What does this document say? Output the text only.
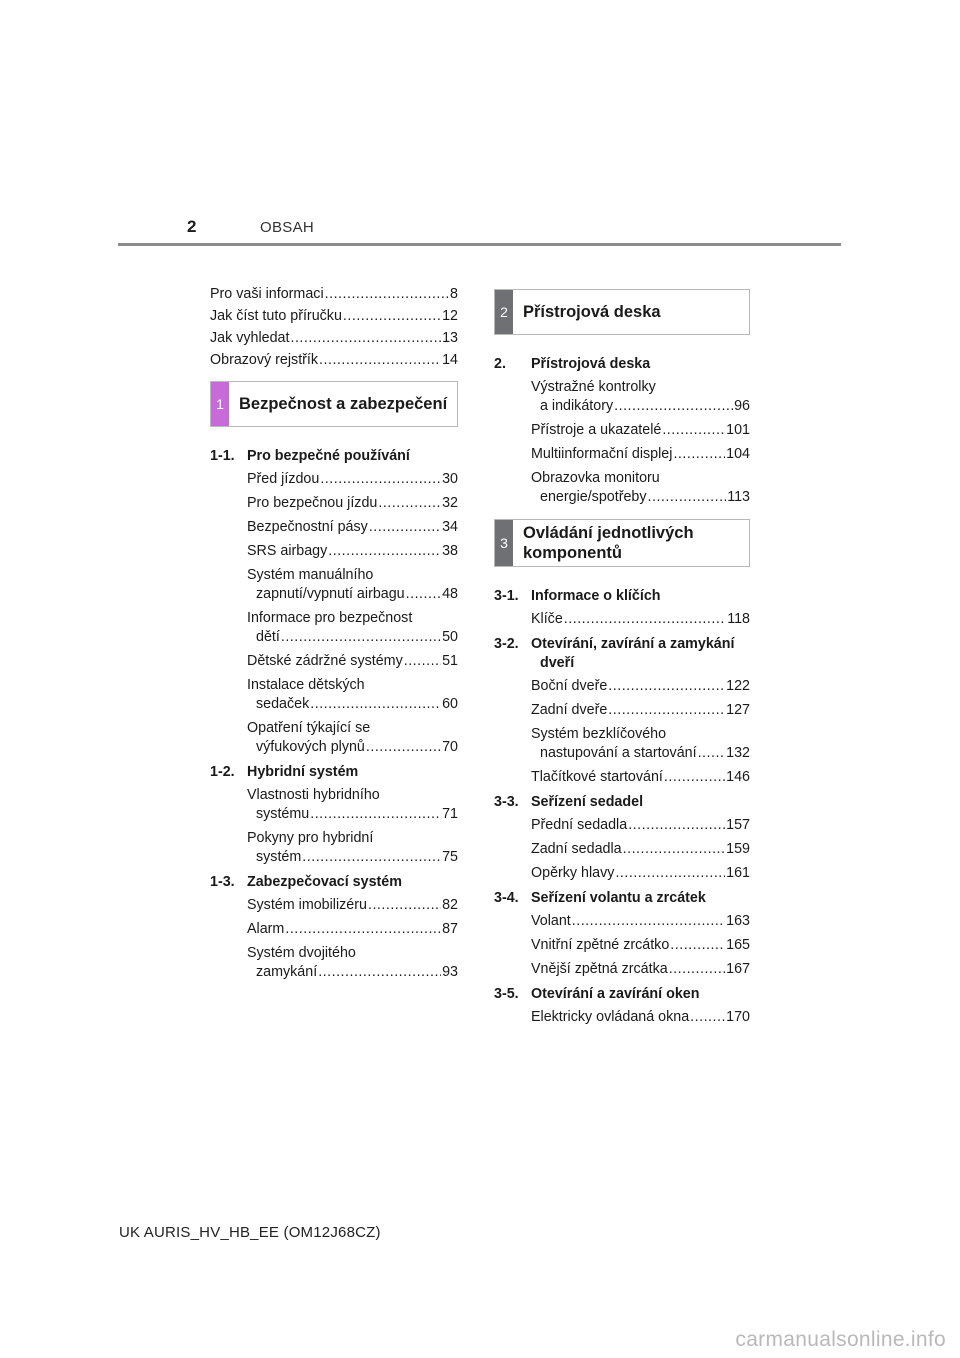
2	OBSAH
Pro vaši informaci .....	8
Jak číst tuto příručku .....	12
Jak vyhledat .....	13
Obrazový rejstřík .....	14
1 Bezpečnost a zabezpečení
1-1. Pro bezpečné používání
Před jízdou .....	30
Pro bezpečnou jízdu .....	32
Bezpečnostní pásy .....	34
SRS airbagy .....	38
Systém manuálního
zapnutí/vypnutí airbagu .....	48
Informace pro bezpečnost
dětí .....	50
Dětské zádržné systémy .....	51
Instalace dětských
sedaček .....	60
Opatření týkající se
výfukových plynů .....	70
1-2. Hybridní systém
Vlastnosti hybridního
systému .....	71
Pokyny pro hybridní
systém .....	75
1-3. Zabezpečovací systém
Systém imobilizéru .....	82
Alarm .....	87
Systém dvojitého
zamykání .....	93
2 Přístrojová deska
2.	Přístrojová deska
Výstražné kontrolky
a indikátory .....	96
Přístroje a ukazatelé .....	101
Multiinformační displej .....	104
Obrazovka monitoru
energie/spotřeby .....	113
3
Ovládání jednotlivých
komponentů
3-1. Informace o klíčích
Klíče .....	118
3-2. Otevírání, zavírání a zamykání
dveří
Boční dveře .....	122
Zadní dveře .....	127
Systém bezklíčového
nastupování a startování ..... 132
Tlačítkové startování .....	146
3-3. Seřízení sedadel
Přední sedadla .....	157
Zadní sedadla .....	159
Opěrky hlavy .....	161
3-4. Seřízení volantu a zrcátek
Volant .....	163
Vnitřní zpětné zrcátko .....	165
Vnější zpětná zrcátka .....	167
3-5. Otevírání a zavírání oken
Elektricky ovládaná okna .....	170
UK AURIS_HV_HB_EE (OM12J68CZ)
carmanualsonline.info
